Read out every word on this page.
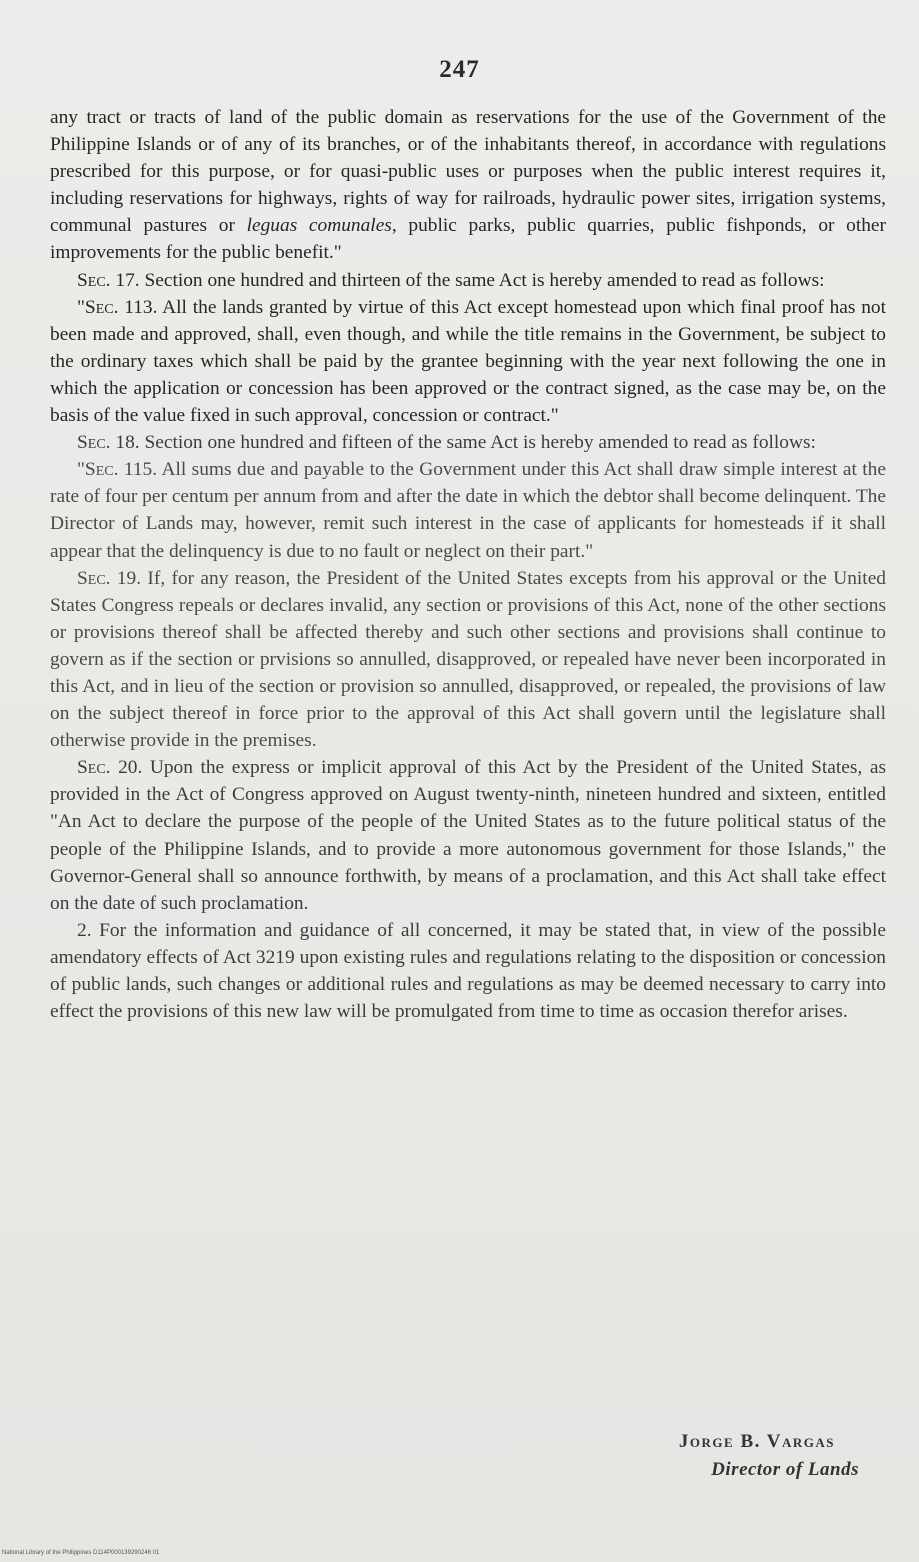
247

any tract or tracts of land of the public domain as reservations for the use of the Government of the Philippine Islands or of any of its branches, or of the inhabitants thereof, in accordance with regulations prescribed for this purpose, or for quasi-public uses or purposes when the public interest requires it, including reservations for highways, rights of way for railroads, hydraulic power sites, irrigation systems, communal pastures or leguas comunales, public parks, public quarries, public fishponds, or other improvements for the public benefit."

Sec. 17. Section one hundred and thirteen of the same Act is hereby amended to read as follows:

"Sec. 113. All the lands granted by virtue of this Act except homestead upon which final proof has not been made and approved, shall, even though, and while the title remains in the Government, be subject to the ordinary taxes which shall be paid by the grantee beginning with the year next following the one in which the application or concession has been approved or the contract signed, as the case may be, on the basis of the value fixed in such approval, concession or contract."

Sec. 18. Section one hundred and fifteen of the same Act is hereby amended to read as follows:

"Sec. 115. All sums due and payable to the Government under this Act shall draw simple interest at the rate of four per centum per annum from and after the date in which the debtor shall become delinquent. The Director of Lands may, however, remit such interest in the case of applicants for homesteads if it shall appear that the delinquency is due to no fault or neglect on their part."

Sec. 19. If, for any reason, the President of the United States excepts from his approval or the United States Congress repeals or declares invalid, any section or provisions of this Act, none of the other sections or provisions thereof shall be affected thereby and such other sections and provisions shall continue to govern as if the section or prvisions so annulled, disapproved, or repealed have never been incorporated in this Act, and in lieu of the section or provision so annulled, disapproved, or repealed, the provisions of law on the subject thereof in force prior to the approval of this Act shall govern until the legislature shall otherwise provide in the premises.

Sec. 20. Upon the express or implicit approval of this Act by the President of the United States, as provided in the Act of Congress approved on August twenty-ninth, nineteen hundred and sixteen, entitled "An Act to declare the purpose of the people of the United States as to the future political status of the people of the Philippine Islands, and to provide a more autonomous government for those Islands," the Governor-General shall so announce forthwith, by means of a proclamation, and this Act shall take effect on the date of such proclamation.

2. For the information and guidance of all concerned, it may be stated that, in view of the possible amendatory effects of Act 3219 upon existing rules and regulations relating to the disposition or concession of public lands, such changes or additional rules and regulations as may be deemed necessary to carry into effect the provisions of this new law will be promulgated from time to time as occasion therefor arises.

Jorge B. Vargas
Director of Lands
National Library of the Philippines D114P000139290246 01
